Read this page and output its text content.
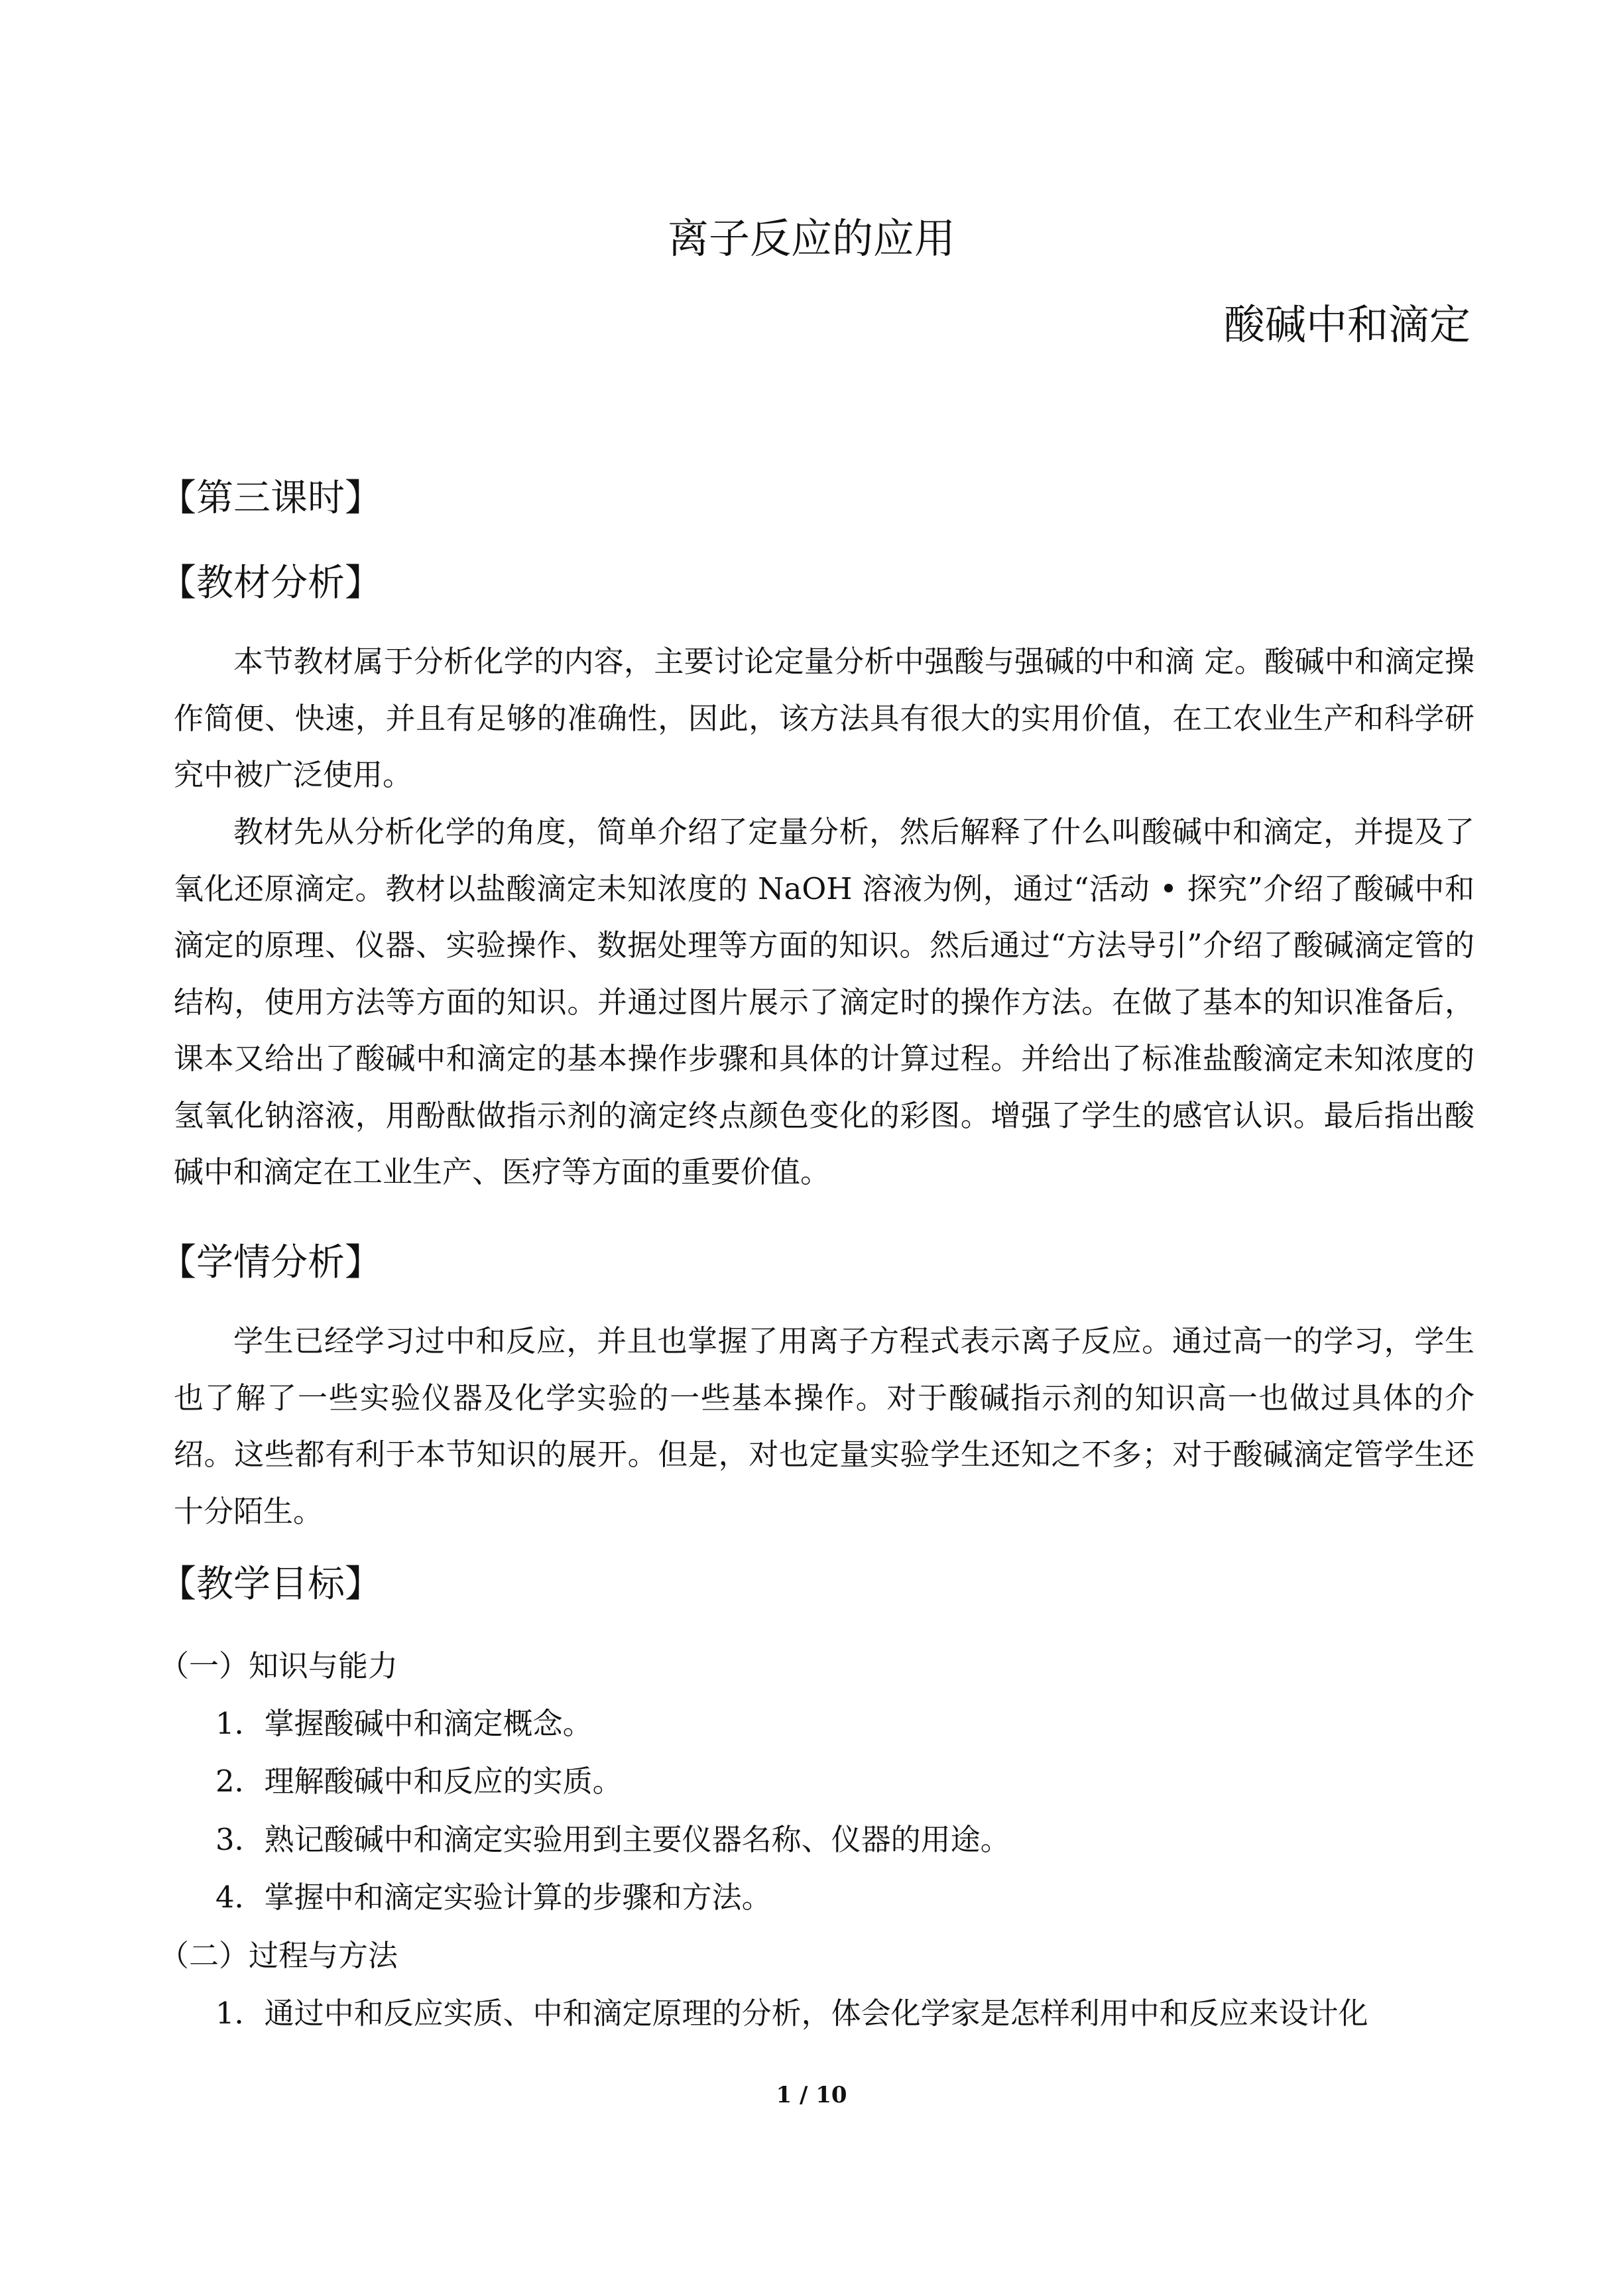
离子反应的应用
酸碱中和滴定
【第三课时】
【教材分析】

本节教材属于分析化学的内容，主要讨论定量分析中强酸与强碱的中和滴 定。酸碱中和滴定操作简便、快速，并且有足够的准确性，因此，该方法具有很大的实用价值，在工农业生产和科学研究中被广泛使用。

教材先从分析化学的角度，简单介绍了定量分析，然后解释了什么叫酸碱中和滴定，并提及了氧化还原滴定。教材以盐酸滴定未知浓度的 NaOH 溶液为例，通过“活动 • 探究”介绍了酸碱中和滴定的原理、仪器、实验操作、数据处理等方面的知识。然后通过“方法导引”介绍了酸碱滴定管的结构，使用方法等方面的知识。并通过图片展示了滴定时的操作方法。在做了基本的知识准备后，课本又给出了酸碱中和滴定的基本操作步骤和具体的计算过程。并给出了标准盐酸滴定未知浓度的氢氧化钠溶液，用酚酞做指示剂的滴定终点颜色变化的彩图。增强了学生的感官认识。最后指出酸碱中和滴定在工业生产、医疗等方面的重要价值。

【学情分析】

学生已经学习过中和反应，并且也掌握了用离子方程式表示离子反应。通过高一的学习，学生也了解了一些实验仪器及化学实验的一些基本操作。对于酸碱指示剂的知识高一也做过具体的介绍。这些都有利于本节知识的展开。但是，对也定量实验学生还知之不多；对于酸碱滴定管学生还十分陌生。

【教学目标】
（一）知识与能力
1．掌握酸碱中和滴定概念。
2．理解酸碱中和反应的实质。
3．熟记酸碱中和滴定实验用到主要仪器名称、仪器的用途。
4．掌握中和滴定实验计算的步骤和方法。
（二）过程与方法
1．通过中和反应实质、中和滴定原理的分析，体会化学家是怎样利用中和反应来设计化
1 / 10
